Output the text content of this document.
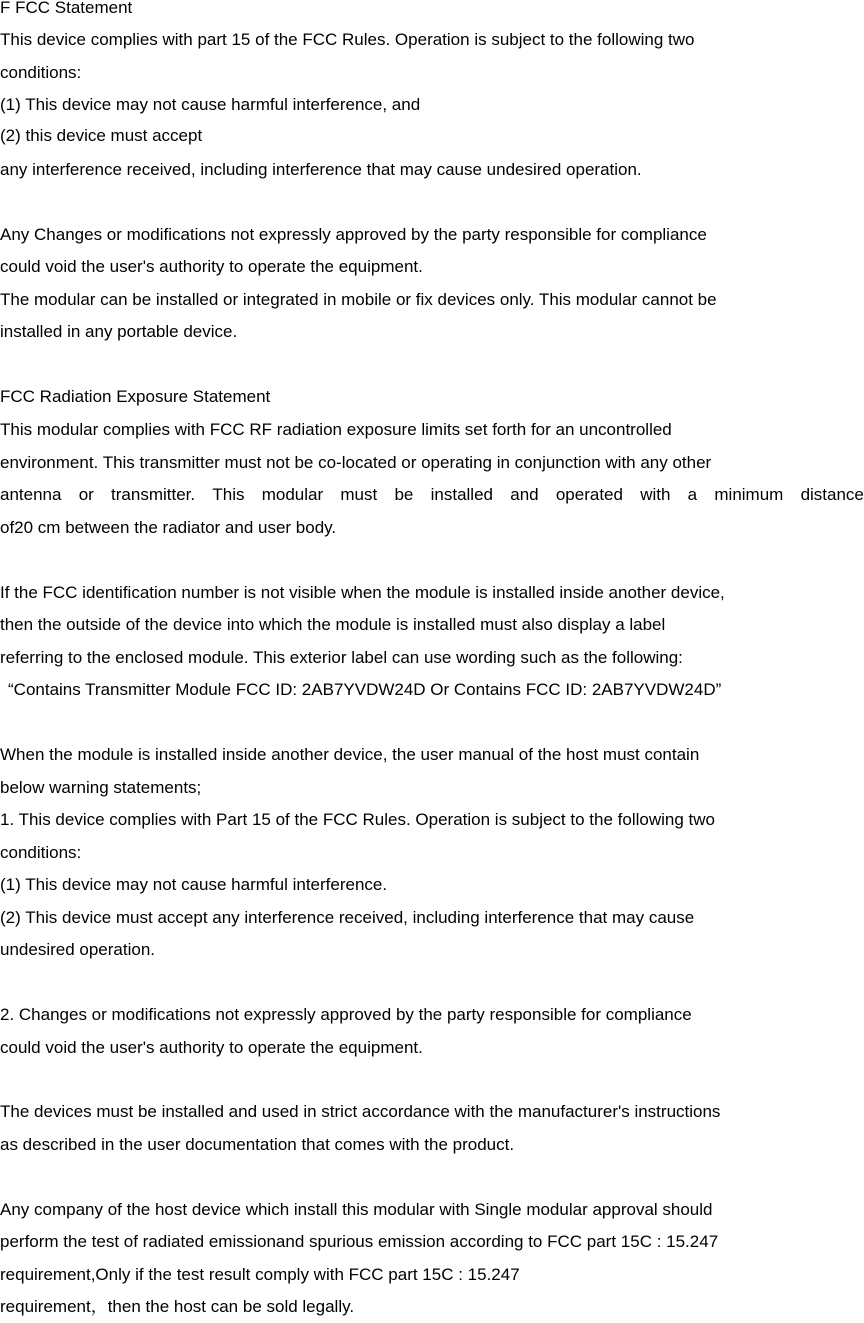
F FCC Statement
This device complies with part 15 of the FCC Rules. Operation is subject to the following two
conditions:
(1) This device may not cause harmful interference, and
(2) this device must accept
any interference received, including interference that may cause undesired operation.
Any Changes or modifications not expressly approved by the party responsible for compliance
could void the user's authority to operate the equipment.
The modular can be installed or integrated in mobile or fix devices only. This modular cannot be
installed in any portable device.
FCC Radiation Exposure Statement
This modular complies with FCC RF radiation exposure limits set forth for an uncontrolled
environment. This transmitter must not be co-located or operating in conjunction with any other
antenna or transmitter. This modular must be installed and operated with a minimum distance
of20 cm between the radiator and user body.
If the FCC identification number is not visible when the module is installed inside another device,
then the outside of the device into which the module is installed must also display a label
referring to the enclosed module. This exterior label can use wording such as the following:
“Contains Transmitter Module FCC ID: 2AB7YVDW24D Or Contains FCC ID: 2AB7YVDW24D”
When the module is installed inside another device, the user manual of the host must contain
below warning statements;
1. This device complies with Part 15 of the FCC Rules. Operation is subject to the following two
conditions:
(1) This device may not cause harmful interference.
(2) This device must accept any interference received, including interference that may cause
undesired operation.
2. Changes or modifications not expressly approved by the party responsible for compliance
could void the user's authority to operate the equipment.
The devices must be installed and used in strict accordance with the manufacturer's instructions
as described in the user documentation that comes with the product.
Any company of the host device which install this modular with Single modular approval should
perform the test of radiated emissionand spurious emission according to FCC part 15C : 15.247
requirement,Only if the test result comply with FCC part 15C : 15.247
requirement，then the host can be sold legally.
